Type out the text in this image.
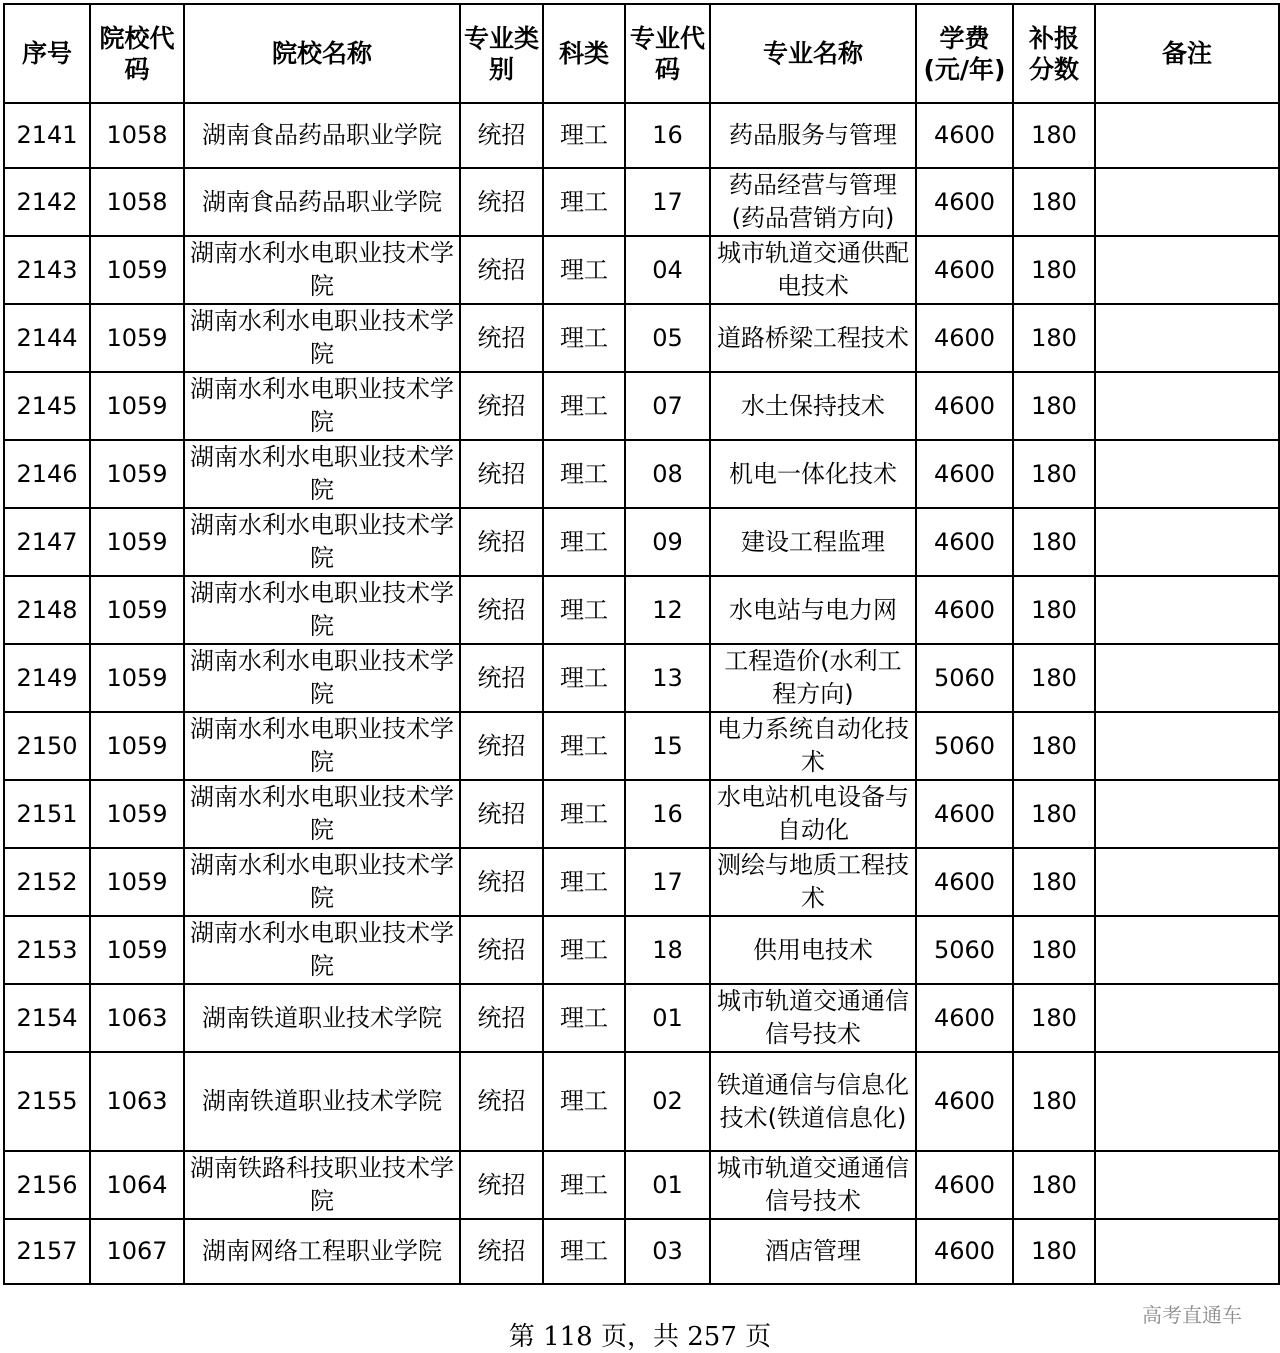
序号	院校代码	院校名称	专业类别	科类	专业代码	专业名称	学费(元/年)	补报分数	备注
2141	1058	湖南食品药品职业学院	统招	理工	16	药品服务与管理	4600	180	
2142	1058	湖南食品药品职业学院	统招	理工	17	药品经营与管理(药品营销方向)	4600	180	
2143	1059	湖南水利水电职业技术学院	统招	理工	04	城市轨道交通供配电技术	4600	180	
2144	1059	湖南水利水电职业技术学院	统招	理工	05	道路桥梁工程技术	4600	180	
2145	1059	湖南水利水电职业技术学院	统招	理工	07	水土保持技术	4600	180	
2146	1059	湖南水利水电职业技术学院	统招	理工	08	机电一体化技术	4600	180	
2147	1059	湖南水利水电职业技术学院	统招	理工	09	建设工程监理	4600	180	
2148	1059	湖南水利水电职业技术学院	统招	理工	12	水电站与电力网	4600	180	
2149	1059	湖南水利水电职业技术学院	统招	理工	13	工程造价(水利工程方向)	5060	180	
2150	1059	湖南水利水电职业技术学院	统招	理工	15	电力系统自动化技术	5060	180	
2151	1059	湖南水利水电职业技术学院	统招	理工	16	水电站机电设备与自动化	4600	180	
2152	1059	湖南水利水电职业技术学院	统招	理工	17	测绘与地质工程技术	4600	180	
2153	1059	湖南水利水电职业技术学院	统招	理工	18	供用电技术	5060	180	
2154	1063	湖南铁道职业技术学院	统招	理工	01	城市轨道交通通信信号技术	4600	180	
2155	1063	湖南铁道职业技术学院	统招	理工	02	铁道通信与信息化技术(铁道信息化)	4600	180	
2156	1064	湖南铁路科技职业技术学院	统招	理工	01	城市轨道交通通信信号技术	4600	180	
2157	1067	湖南网络工程职业学院	统招	理工	03	酒店管理	4600	180	
第 118 页，共 257 页
高考直通车
